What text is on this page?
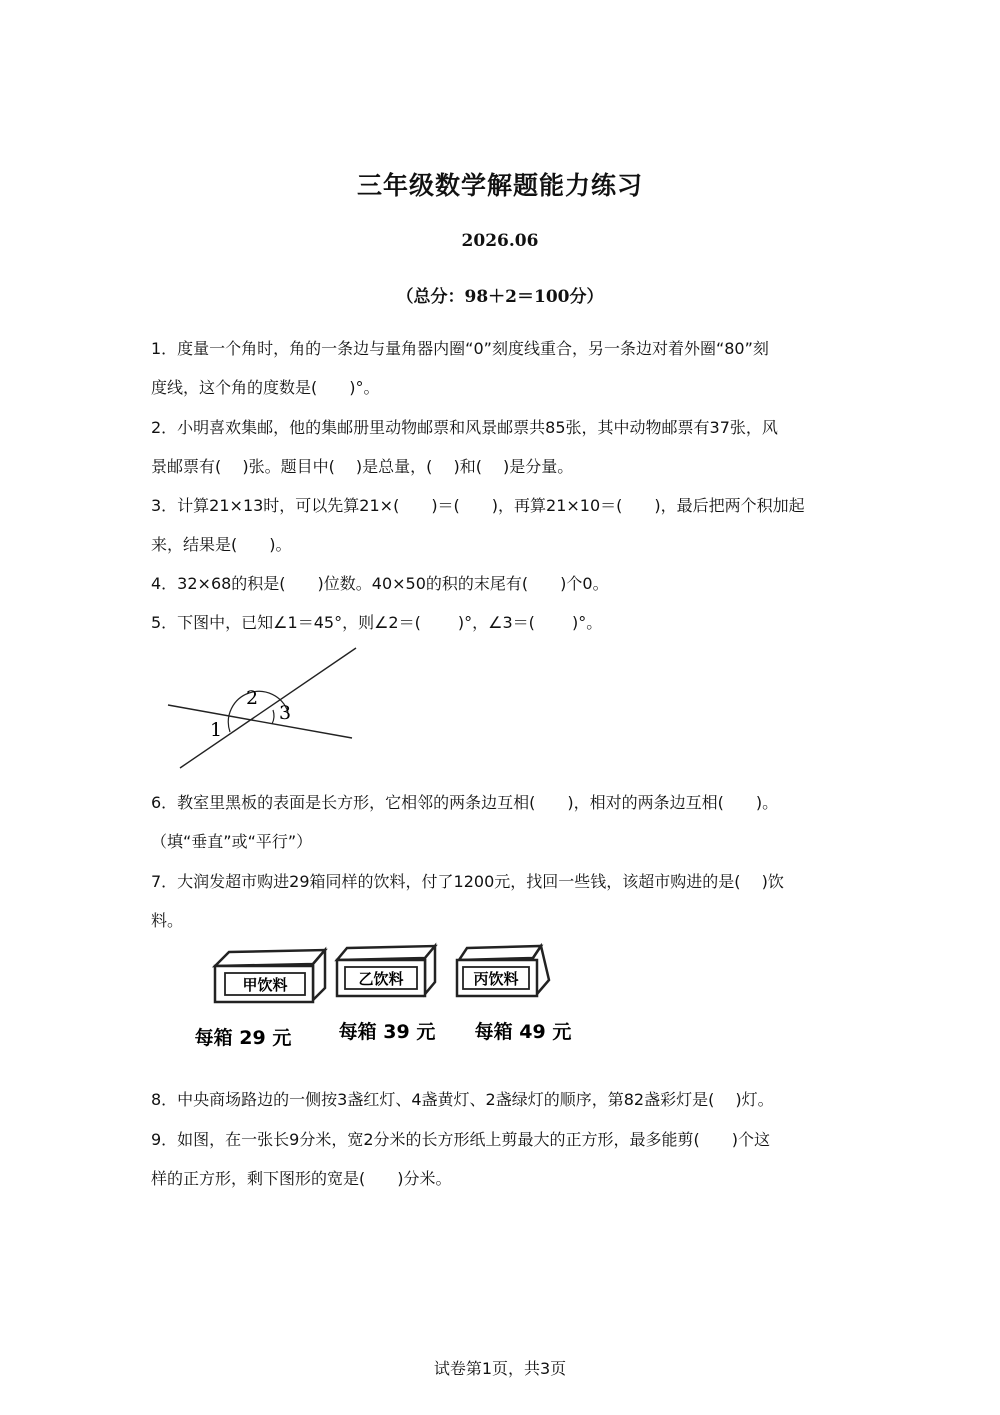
三年级数学解题能力练习
2026.06
（总分：98＋2＝100分）
1．度量一个角时，角的一条边与量角器内圈“0”刻度线重合，另一条边对着外圈“80”刻
度线，这个角的度数是(　　)°。
2．小明喜欢集邮，他的集邮册里动物邮票和风景邮票共85张，其中动物邮票有37张，风
景邮票有(　 )张。题目中(　 )是总量，(　 )和(　 )是分量。
3．计算21×13时，可以先算21×(　　)＝(　　)，再算21×10＝(　　)，最后把两个积加起
来，结果是(　　)。
4．32×68的积是(　　)位数。40×50的积的末尾有(　　)个0。
5．下图中，已知∠1＝45°，则∠2＝(　　 )°，∠3＝(　　 )°。
1
2
3
6．教室里黑板的表面是长方形，它相邻的两条边互相(　　)，相对的两条边互相(　　)。
（填“垂直”或“平行”）
7．大润发超市购进29箱同样的饮料，付了1200元，找回一些钱，该超市购进的是(　 )饮
料。
甲饮料	乙饮料	丙饮料
每箱 29 元 每箱 39 元 每箱 49 元
8．中央商场路边的一侧按3盏红灯、4盏黄灯、2盏绿灯的顺序，第82盏彩灯是(　 )灯。
9．如图，在一张长9分米，宽2分米的长方形纸上剪最大的正方形，最多能剪(　　)个这
样的正方形，剩下图形的宽是(　　)分米。
试卷第1页，共3页
